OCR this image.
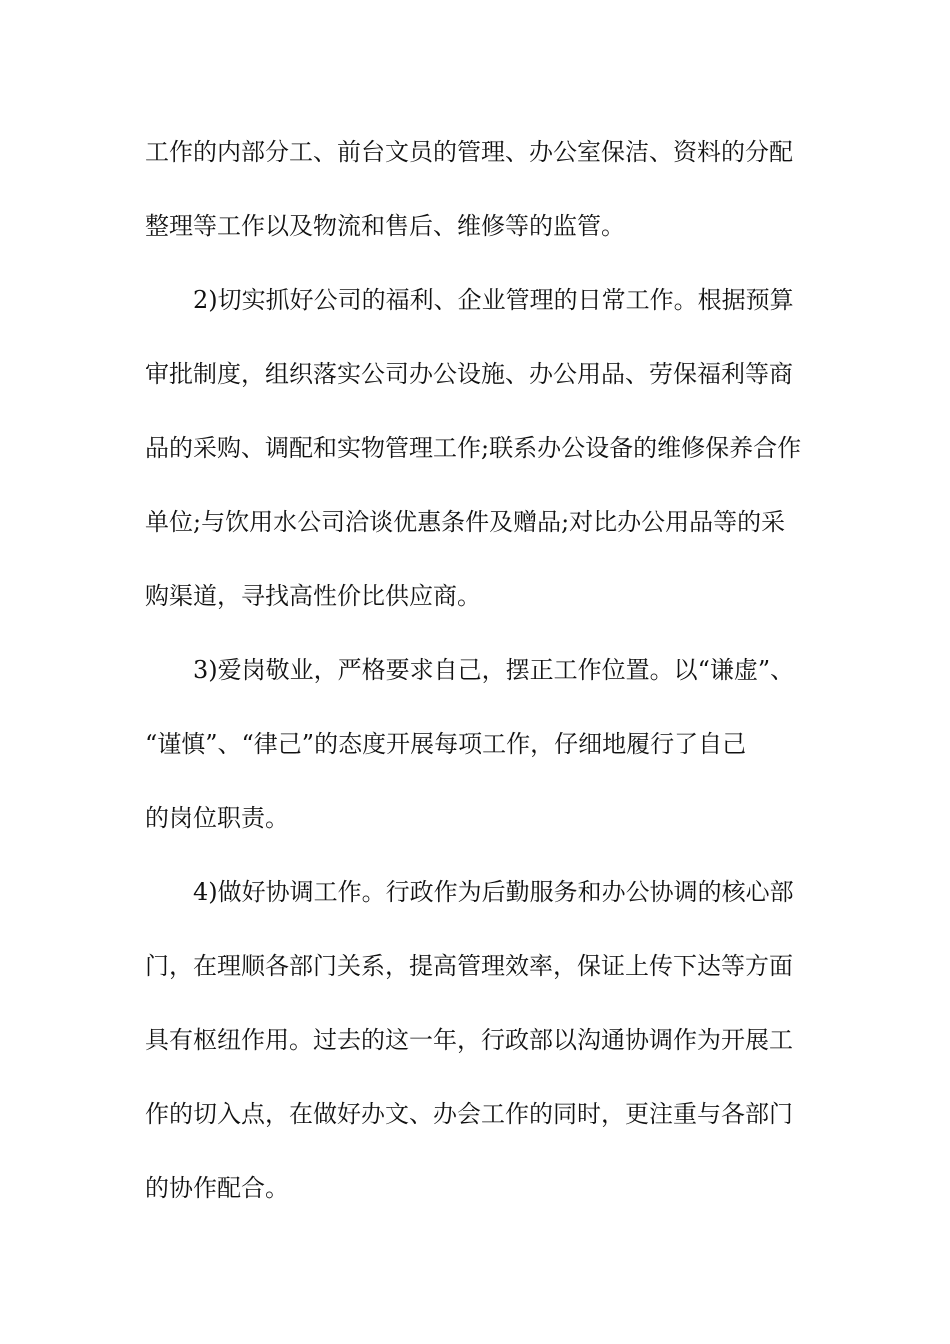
工作的内部分工、前台文员的管理、办公室保洁、资料的分配
整理等工作以及物流和售后、维修等的监管。
2)切实抓好公司的福利、企业管理的日常工作。根据预算
审批制度，组织落实公司办公设施、办公用品、劳保福利等商
品的采购、调配和实物管理工作;联系办公设备的维修保养合作
单位;与饮用水公司洽谈优惠条件及赠品;对比办公用品等的采
购渠道，寻找高性价比供应商。
3)爱岗敬业，严格要求自己，摆正工作位置。以“谦虚”、
“谨慎”、“律己”的态度开展每项工作，仔细地履行了自己
的岗位职责。
4)做好协调工作。行政作为后勤服务和办公协调的核心部
门，在理顺各部门关系，提高管理效率，保证上传下达等方面
具有枢纽作用。过去的这一年，行政部以沟通协调作为开展工
作的切入点，在做好办文、办会工作的同时，更注重与各部门
的协作配合。
